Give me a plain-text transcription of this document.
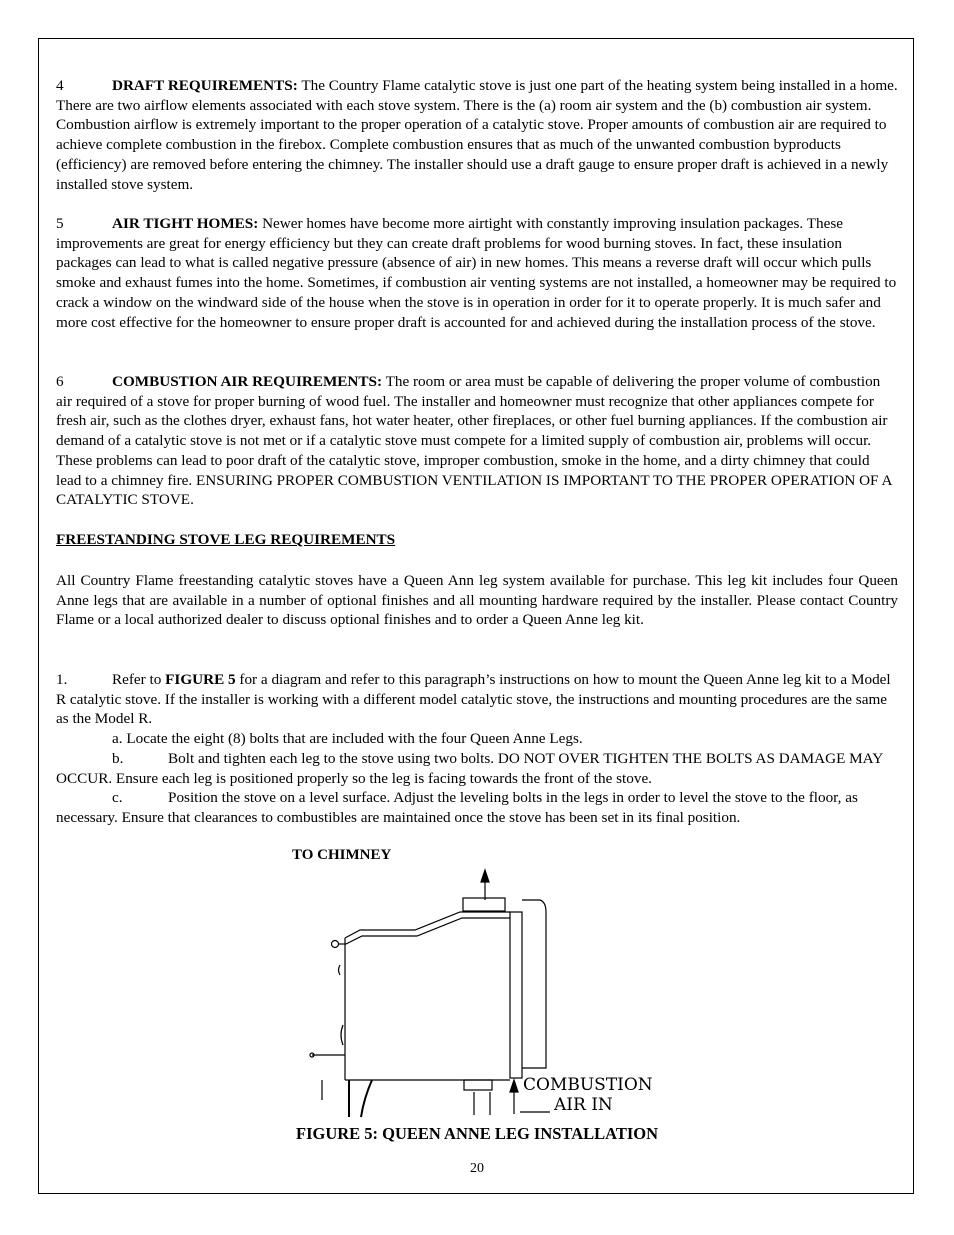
4	DRAFT REQUIREMENTS: The Country Flame catalytic stove is just one part of the heating system being installed in a home. There are two airflow elements associated with each stove system. There is the (a) room air system and the (b) combustion air system. Combustion airflow is extremely important to the proper operation of a catalytic stove. Proper amounts of combustion air are required to achieve complete combustion in the firebox. Complete combustion ensures that as much of the unwanted combustion byproducts (efficiency) are removed before entering the chimney. The installer should use a draft gauge to ensure proper draft is achieved in a newly installed stove system.

5	AIR TIGHT HOMES: Newer homes have become more airtight with constantly improving insulation packages. These improvements are great for energy efficiency but they can create draft problems for wood burning stoves. In fact, these insulation packages can lead to what is called negative pressure (absence of air) in new homes. This means a reverse draft will occur which pulls smoke and exhaust fumes into the home. Sometimes, if combustion air venting systems are not installed, a homeowner may be required to crack a window on the windward side of the house when the stove is in operation in order for it to operate properly. It is much safer and more cost effective for the homeowner to ensure proper draft is accounted for and achieved during the installation process of the stove.

6	COMBUSTION AIR REQUIREMENTS: The room or area must be capable of delivering the proper volume of combustion air required of a stove for proper burning of wood fuel. The installer and homeowner must recognize that other appliances compete for fresh air, such as the clothes dryer, exhaust fans, hot water heater, other fireplaces, or other fuel burning appliances. If the combustion air demand of a catalytic stove is not met or if a catalytic stove must compete for a limited supply of combustion air, problems will occur. These problems can lead to poor draft of the catalytic stove, improper combustion, smoke in the home, and a dirty chimney that could lead to a chimney fire. ENSURING PROPER COMBUSTION VENTILATION IS IMPORTANT TO THE PROPER OPERATION OF A CATALYTIC STOVE.

FREESTANDING STOVE LEG REQUIREMENTS

All Country Flame freestanding catalytic stoves have a Queen Ann leg system available for purchase. This leg kit includes four Queen Anne legs that are available in a number of optional finishes and all mounting hardware required by the installer. Please contact Country Flame or a local authorized dealer to discuss optional finishes and to order a Queen Anne leg kit.

1.	Refer to FIGURE 5 for a diagram and refer to this paragraph’s instructions on how to mount the Queen Anne leg kit to a Model R catalytic stove. If the installer is working with a different model catalytic stove, the instructions and mounting procedures are the same as the Model R.

a. Locate the eight (8) bolts that are included with the four Queen Anne Legs.

b.	Bolt and tighten each leg to the stove using two bolts. DO NOT OVER TIGHTEN THE BOLTS AS DAMAGE MAY OCCUR. Ensure each leg is positioned properly so the leg is facing towards the front of the stove.

c.	Position the stove on a level surface. Adjust the leveling bolts in the legs in order to level the stove to the floor, as necessary. Ensure that clearances to combustibles are maintained once the stove has been set in its final position.

TO CHIMNEY
COMBUSTION
AIR IN
FIGURE 5: QUEEN ANNE LEG INSTALLATION
20
